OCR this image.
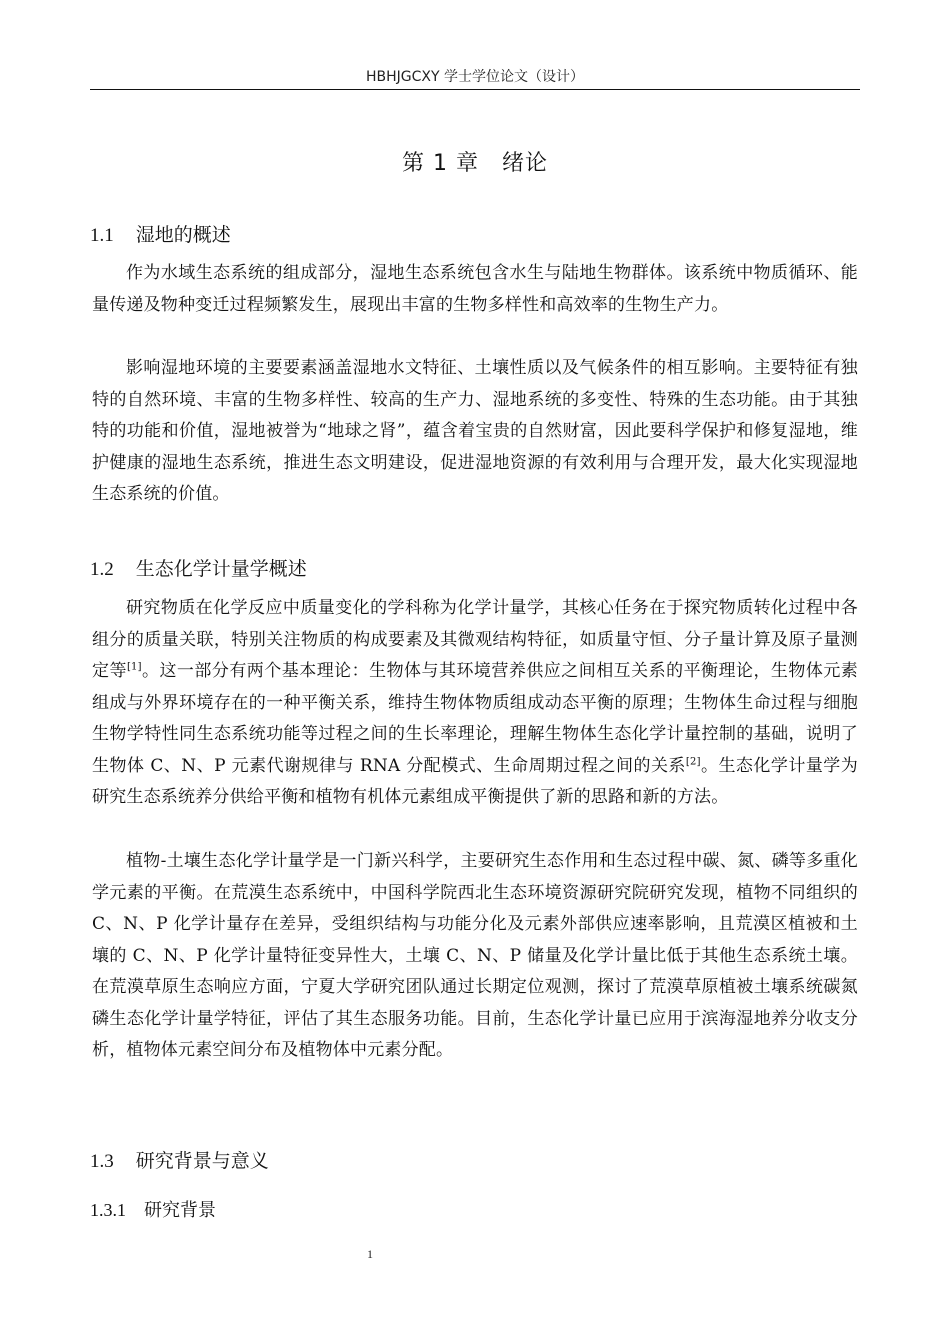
HBHJGCXY 学士学位论文（设计）
第 1 章　绪论
1.1 湿地的概述

作为水域生态系统的组成部分，湿地生态系统包含水生与陆地生物群体。该系统中物质循环、能量传递及物种变迁过程频繁发生，展现出丰富的生物多样性和高效率的生物生产力。

影响湿地环境的主要要素涵盖湿地水文特征、土壤性质以及气候条件的相互影响。主要特征有独特的自然环境、丰富的生物多样性、较高的生产力、湿地系统的多变性、特殊的生态功能。由于其独特的功能和价值，湿地被誉为“地球之肾”，蕴含着宝贵的自然财富，因此要科学保护和修复湿地，维护健康的湿地生态系统，推进生态文明建设，促进湿地资源的有效利用与合理开发，最大化实现湿地生态系统的价值。

1.2 生态化学计量学概述

研究物质在化学反应中质量变化的学科称为化学计量学，其核心任务在于探究物质转化过程中各组分的质量关联，特别关注物质的构成要素及其微观结构特征，如质量守恒、分子量计算及原子量测定等[1]。这一部分有两个基本理论：生物体与其环境营养供应之间相互关系的平衡理论，生物体元素组成与外界环境存在的一种平衡关系，维持生物体物质组成动态平衡的原理；生物体生命过程与细胞生物学特性同生态系统功能等过程之间的生长率理论，理解生物体生态化学计量控制的基础，说明了生物体 C、N、P 元素代谢规律与 RNA 分配模式、生命周期过程之间的关系[2]。生态化学计量学为研究生态系统养分供给平衡和植物有机体元素组成平衡提供了新的思路和新的方法。

植物-土壤生态化学计量学是一门新兴科学，主要研究生态作用和生态过程中碳、氮、磷等多重化学元素的平衡。在荒漠生态系统中，中国科学院西北生态环境资源研究院研究发现，植物不同组织的 C、N、P 化学计量存在差异，受组织结构与功能分化及元素外部供应速率影响，且荒漠区植被和土壤的 C、N、P 化学计量特征变异性大，土壤 C、N、P 储量及化学计量比低于其他生态系统土壤。在荒漠草原生态响应方面，宁夏大学研究团队通过长期定位观测，探讨了荒漠草原植被土壤系统碳氮磷生态化学计量学特征，评估了其生态服务功能。目前，生态化学计量已应用于滨海湿地养分收支分析，植物体元素空间分布及植物体中元素分配。

1.3 研究背景与意义
1.3.1 研究背景
1
